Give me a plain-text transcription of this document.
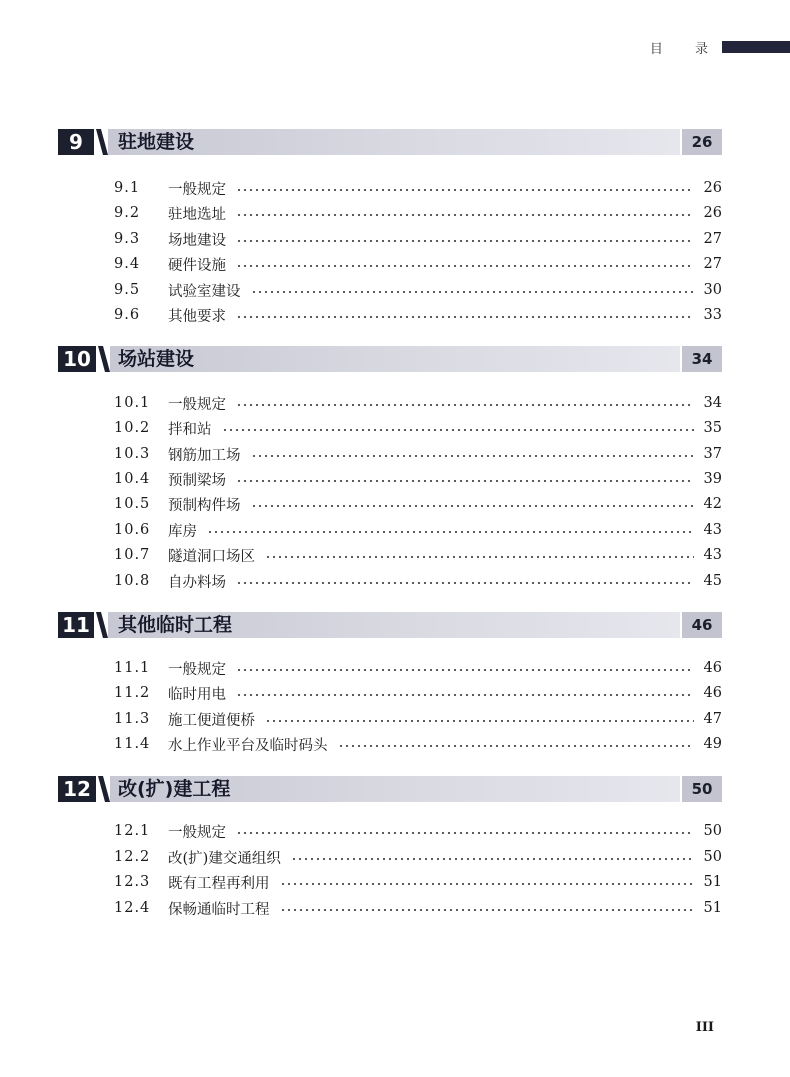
目 录
9	驻地建设	26
9.1	一般规定	26
9.2	驻地选址	26
9.3	场地建设	27
9.4	硬件设施	27
9.5	试验室建设	30
9.6	其他要求	33
10 场站建设	34
10.1	一般规定	34
10.2	拌和站	35
10.3	钢筋加工场	37
10.4	预制梁场	39
10.5	预制构件场	42
10.6	库房	43
10.7	隧道洞口场区	43
10.8	自办料场	45
11 其他临时工程	46
11.1	一般规定	46
11.2	临时用电	46
11.3	施工便道便桥	47
11.4	水上作业平台及临时码头	49
12 改(扩)建工程	50
12.1	一般规定	50
12.2	改(扩)建交通组织	50
12.3	既有工程再利用	51
12.4	保畅通临时工程	51
III
